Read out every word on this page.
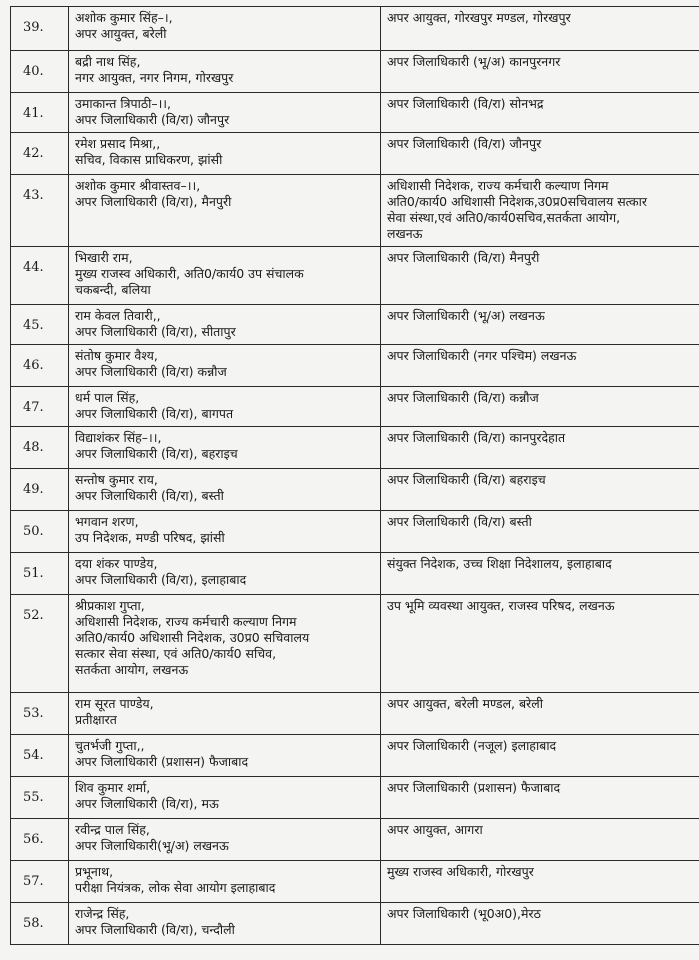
39.	अशोक कुमार सिंह–।,
अपर आयुक्त, बरेली	अपर आयुक्त, गोरखपुर मण्डल, गोरखपुर

40.	बद्री नाथ सिंह,
नगर आयुक्त, नगर निगम, गोरखपुर	अपर जिलाधिकारी (भू/अ) कानपुरनगर

41.	उमाकान्त त्रिपाठी–।।,
अपर जिलाधिकारी (वि/रा) जौनपुर	अपर जिलाधिकारी (वि/रा) सोनभद्र

42.	रमेश प्रसाद मिश्रा,,
सचिव, विकास प्राधिकरण, झांसी	अपर जिलाधिकारी (वि/रा) जौनपुर

43.	अशोक कुमार श्रीवास्तव–।।,
अपर जिलाधिकारी (वि/रा), मैनपुरी	अधिशासी निदेशक, राज्य कर्मचारी कल्याण निगम
अति0/कार्य0 अधिशासी निदेशक,उ0प्र0सचिवालय सत्कार
सेवा संस्था,एवं अति0/कार्य0सचिव,सतर्कता आयोग,
लखनऊ

44.	भिखारी राम,
मुख्य राजस्व अधिकारी, अति0/कार्य0 उप संचालक
चकबन्दी, बलिया	अपर जिलाधिकारी (वि/रा) मैनपुरी

45.	राम केवल तिवारी,,
अपर जिलाधिकारी (वि/रा), सीतापुर	अपर जिलाधिकारी (भू/अ) लखनऊ

46.	संतोष कुमार वैश्य,
अपर जिलाधिकारी (वि/रा) कन्नौज	अपर जिलाधिकारी (नगर पश्चिम) लखनऊ

47.	धर्म पाल सिंह,
अपर जिलाधिकारी (वि/रा), बागपत	अपर जिलाधिकारी (वि/रा) कन्नौज

48.	विद्याशंकर सिंह–।।,
अपर जिलाधिकारी (वि/रा), बहराइच	अपर जिलाधिकारी (वि/रा) कानपुरदेहात

49.	सन्तोष कुमार राय,
अपर जिलाधिकारी (वि/रा), बस्ती	अपर जिलाधिकारी (वि/रा) बहराइच

50.	भगवान शरण,
उप निदेशक, मण्डी परिषद, झांसी	अपर जिलाधिकारी (वि/रा) बस्ती

51.	दया शंकर पाण्डेय,
अपर जिलाधिकारी (वि/रा), इलाहाबाद	संयुक्त निदेशक, उच्च शिक्षा निदेशालय, इलाहाबाद

52.	श्रीप्रकाश गुप्ता,
अधिशासी निदेशक, राज्य कर्मचारी कल्याण निगम
अति0/कार्य0 अधिशासी निदेशक, उ0प्र0 सचिवालय
सत्कार सेवा संस्था, एवं अति0/कार्य0 सचिव,
सतर्कता आयोग, लखनऊ	उप भूमि व्यवस्था आयुक्त, राजस्व परिषद, लखनऊ

53.	राम सूरत पाण्डेय,
प्रतीक्षारत	अपर आयुक्त, बरेली मण्डल, बरेली

54.	चुतर्भजी गुप्ता,,
अपर जिलाधिकारी (प्रशासन) फैजाबाद	अपर जिलाधिकारी (नजूल) इलाहाबाद

55.	शिव कुमार शर्मा,
अपर जिलाधिकारी (वि/रा), मऊ	अपर जिलाधिकारी (प्रशासन) फैजाबाद

56.	रवीन्द्र पाल सिंह,
अपर जिलाधिकारी(भू/अ) लखनऊ	अपर आयुक्त, आगरा

57.	प्रभूनाथ,
परीक्षा नियंत्रक, लोक सेवा आयोग इलाहाबाद	मुख्य राजस्व अधिकारी, गोरखपुर

58.	राजेन्द्र सिंह,
अपर जिलाधिकारी (वि/रा), चन्दौली	अपर जिलाधिकारी (भू0अ0),मेरठ
